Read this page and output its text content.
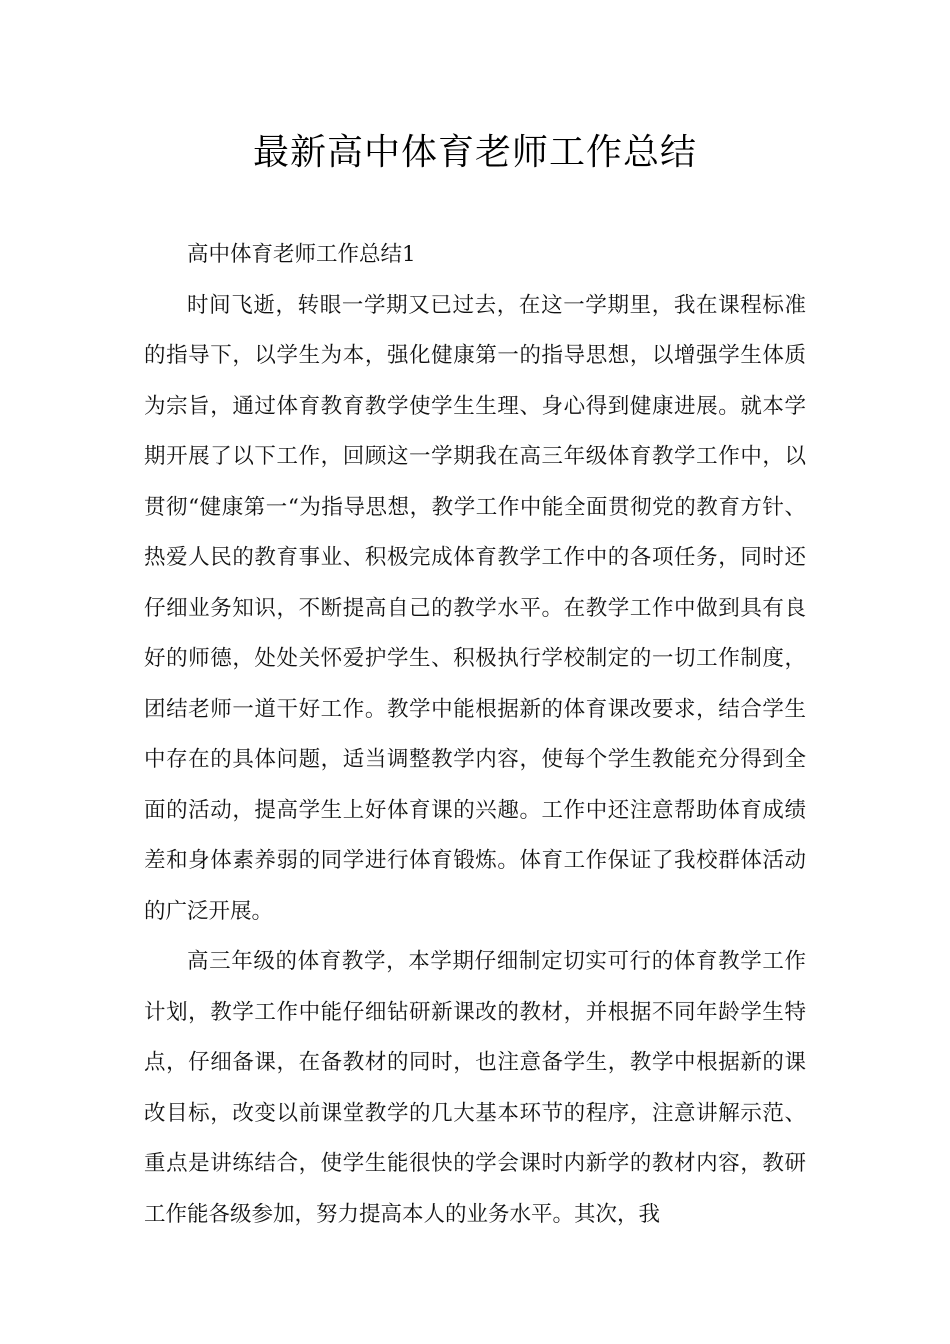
最新高中体育老师工作总结

高中体育老师工作总结1

时间飞逝，转眼一学期又已过去，在这一学期里，我在课程标准的指导下，以学生为本，强化健康第一的指导思想，以增强学生体质为宗旨，通过体育教育教学使学生生理、身心得到健康进展。就本学期开展了以下工作，回顾这一学期我在高三年级体育教学工作中，以贯彻“健康第一“为指导思想，教学工作中能全面贯彻党的教育方针、热爱人民的教育事业、积极完成体育教学工作中的各项任务，同时还仔细业务知识，不断提高自己的教学水平。在教学工作中做到具有良好的师德，处处关怀爱护学生、积极执行学校制定的一切工作制度，团结老师一道干好工作。教学中能根据新的体育课改要求，结合学生中存在的具体问题，适当调整教学内容，使每个学生教能充分得到全面的活动，提高学生上好体育课的兴趣。工作中还注意帮助体育成绩差和身体素养弱的同学进行体育锻炼。体育工作保证了我校群体活动的广泛开展。

高三年级的体育教学，本学期仔细制定切实可行的体育教学工作计划，教学工作中能仔细钻研新课改的教材，并根据不同年龄学生特点，仔细备课，在备教材的同时，也注意备学生，教学中根据新的课改目标，改变以前课堂教学的几大基本环节的程序，注意讲解示范、重点是讲练结合，使学生能很快的学会课时内新学的教材内容，教研工作能各级参加，努力提高本人的业务水平。其次，我
